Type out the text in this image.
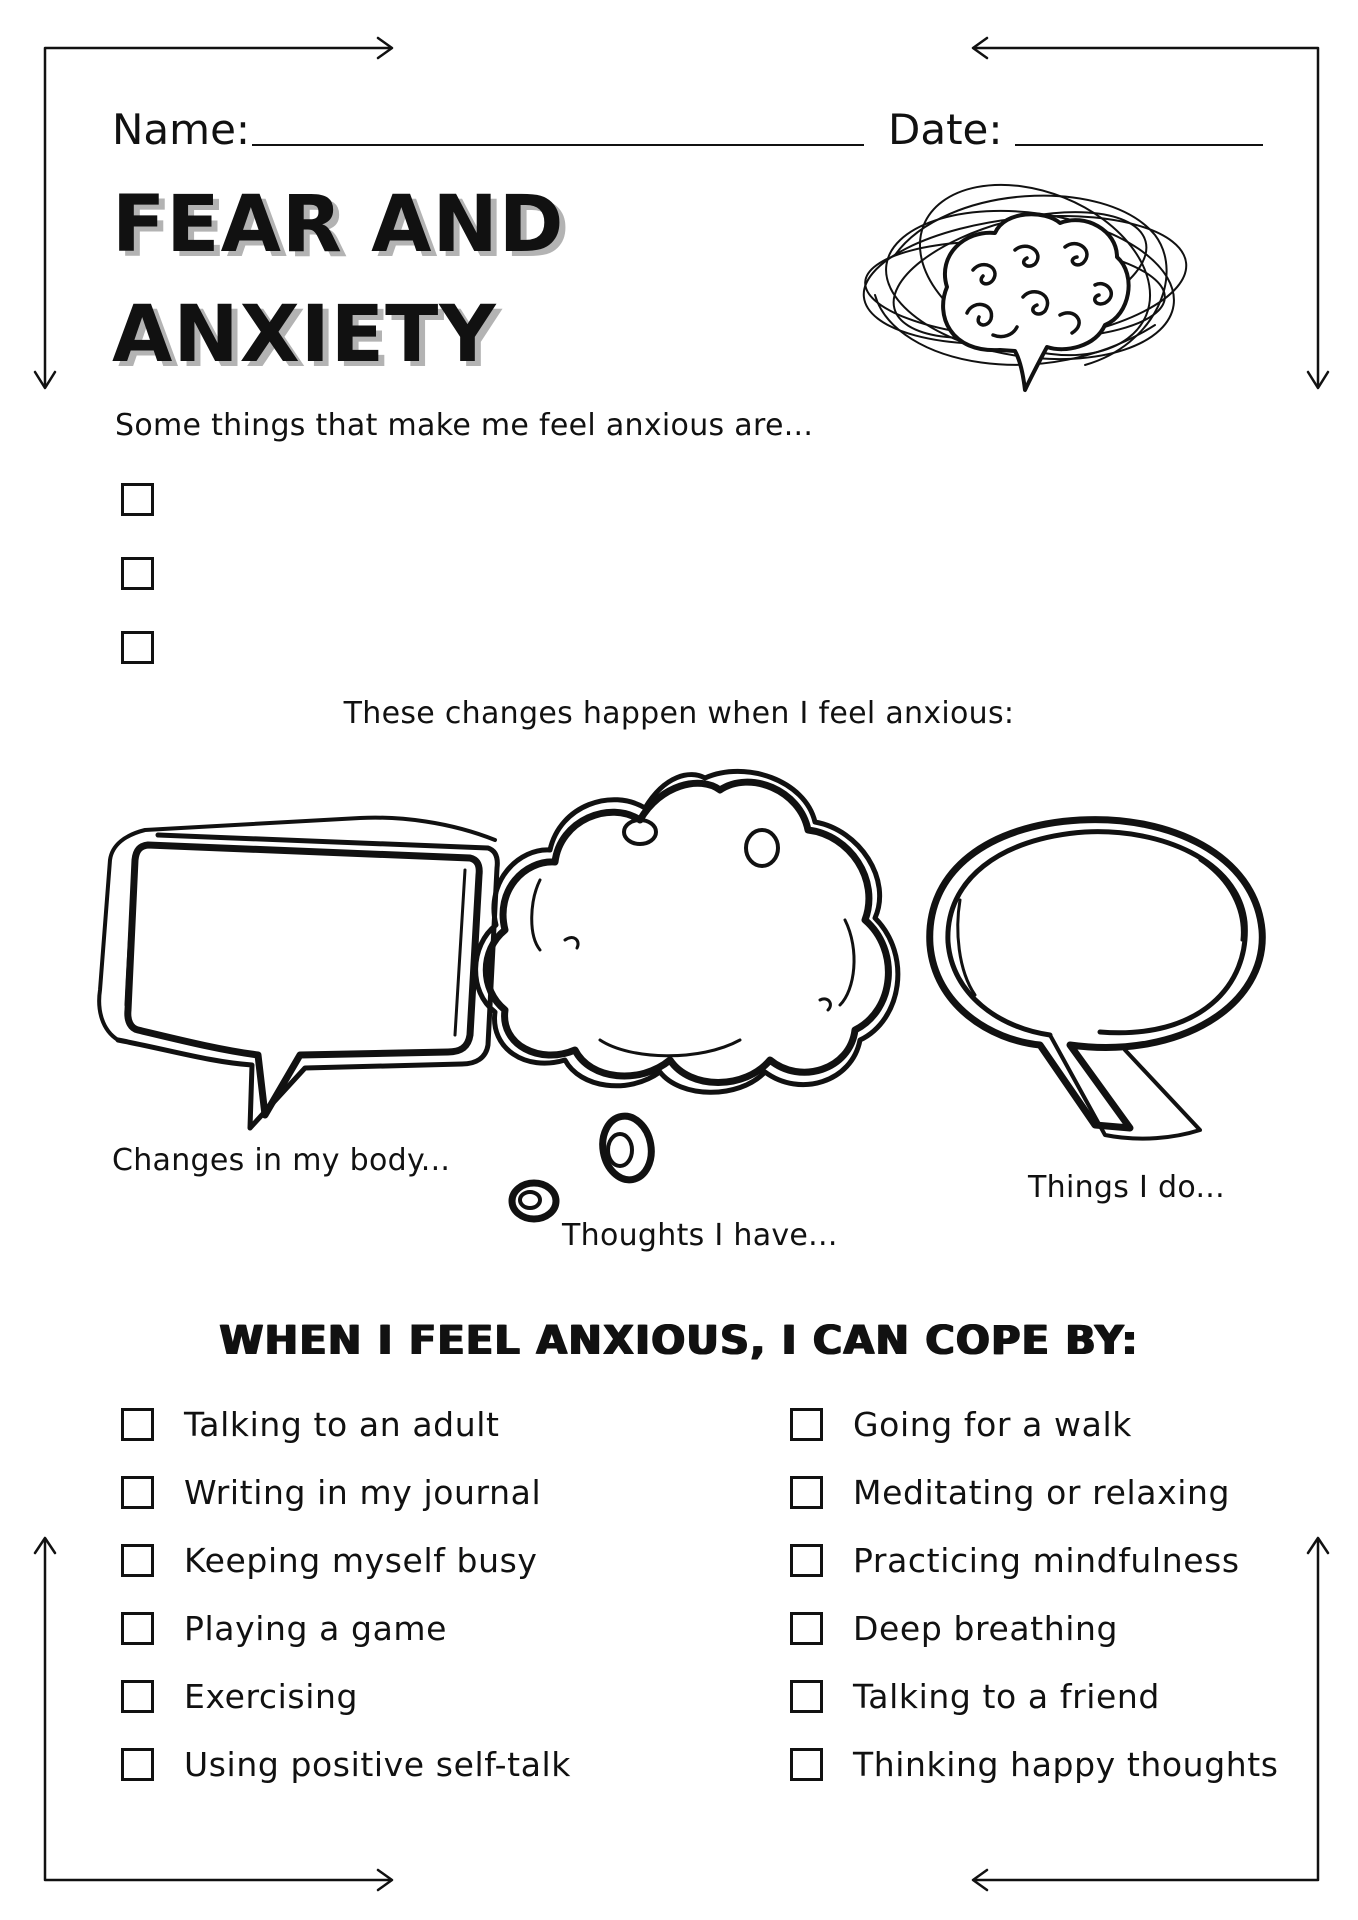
Name:	Date:
FEAR AND
ANXIETY
Some things that make me feel anxious are...
These changes happen when I feel anxious:
Changes in my body...
Thoughts I have...
Things I do...
WHEN I FEEL ANXIOUS, I CAN COPE BY:
Talking to an adult
Writing in my journal
Keeping myself busy
Playing a game
Exercising
Using positive self-talk
Going for a walk
Meditating or relaxing
Practicing mindfulness
Deep breathing
Talking to a friend
Thinking happy thoughts
